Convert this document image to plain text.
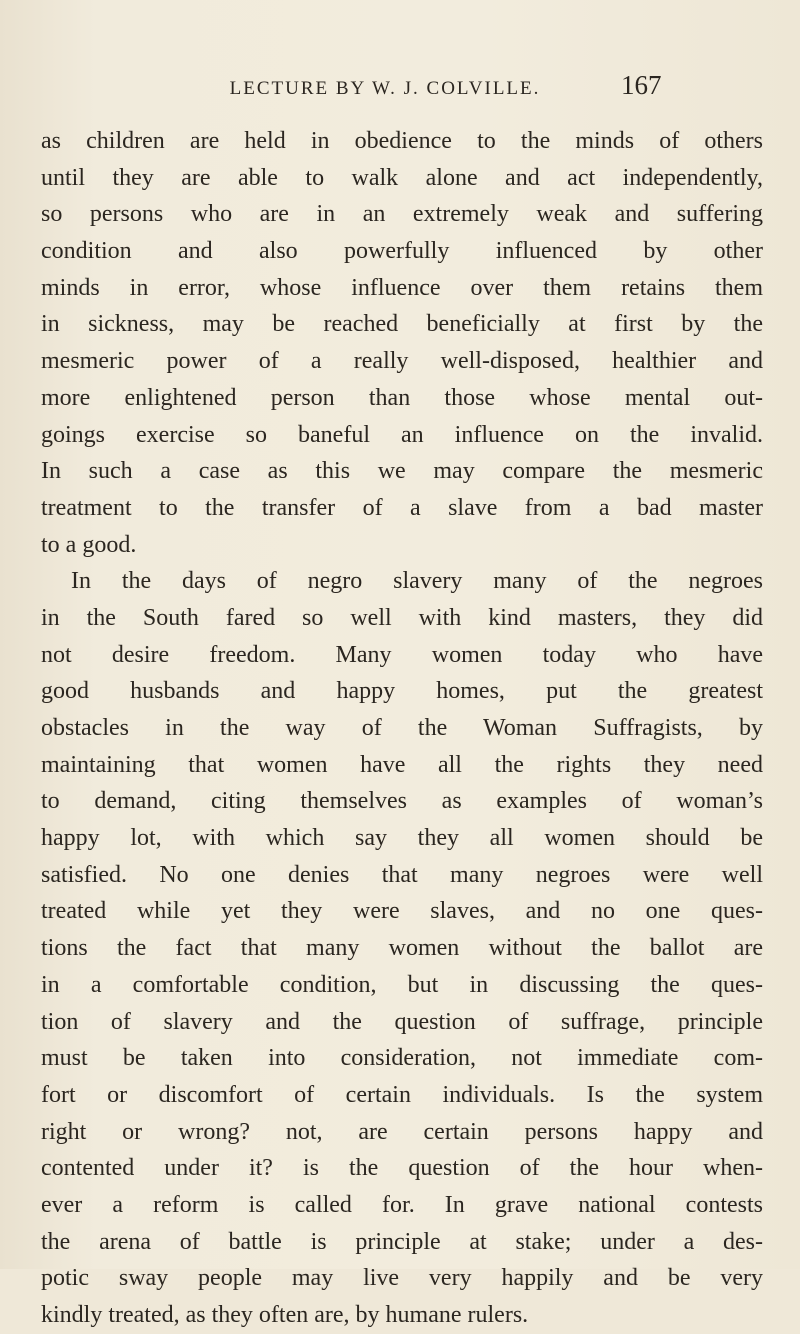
LECTURE BY W. J. COLVILLE.	167
as children are held in obedience to the minds of others
until they are able to walk alone and act independently,
so persons who are in an extremely weak and suffering
condition and also powerfully influenced by other
minds in error, whose influence over them retains them
in sickness, may be reached beneficially at first by the
mesmeric power of a really well-disposed, healthier and
more enlightened person than those whose mental out-
goings exercise so baneful an influence on the invalid.
In such a case as this we may compare the mesmeric
treatment to the transfer of a slave from a bad master
to a good.
In the days of negro slavery many of the negroes
in the South fared so well with kind masters, they did
not desire freedom. Many women today who have
good husbands and happy homes, put the greatest
obstacles in the way of the Woman Suffragists, by
maintaining that women have all the rights they need
to demand, citing themselves as examples of woman’s
happy lot, with which say they all women should be
satisfied. No one denies that many negroes were well
treated while yet they were slaves, and no one ques-
tions the fact that many women without the ballot are
in a comfortable condition, but in discussing the ques-
tion of slavery and the question of suffrage, principle
must be taken into consideration, not immediate com-
fort or discomfort of certain individuals. Is the system
right or wrong? not, are certain persons happy and
contented under it? is the question of the hour when-
ever a reform is called for. In grave national contests
the arena of battle is principle at stake; under a des-
potic sway people may live very happily and be very
kindly treated, as they often are, by humane rulers.
